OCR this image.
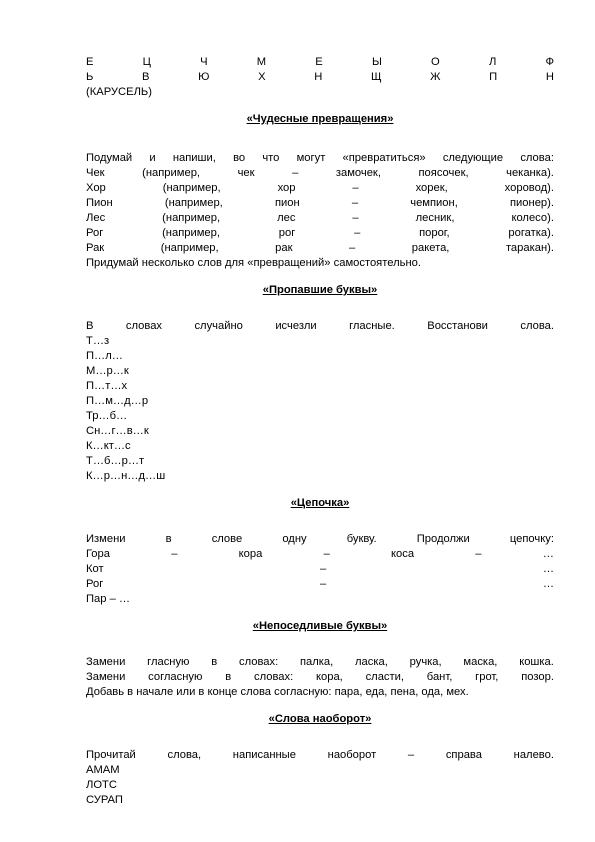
Е	Ц	Ч	М	Е	Ы	О	Л	Ф
Ь	В	Ю	Х	Н	Щ	Ж	П	Н
(КАРУСЕЛЬ)
«Чудесные превращения»
Подумай и напиши, во что могут «превратиться» следующие слова:
Чек	(например,	чек	–	замочек,	поясочек,	чеканка).
Хор	(например,	хор	–	хорек,	хоровод).
Пион	(например,	пион	–	чемпион,	пионер).
Лес	(например,	лес	–	лесник,	колесо).
Рог	(например,	рог	–	порог,	рогатка).
Рак	(например,	рак	–	ракета,	таракан).
Придумай несколько слов для «превращений» самостоятельно.
«Пропавшие буквы»
В	словах	случайно	исчезли	гласные.	Восстанови	слова.
Т…з
П…л…
М…р…к
П…т…х
П…м…д…р
Тр…б…
Сн…г…в…к
К…кт…с
Т…б…р…т
К…р…н…д…ш
«Цепочка»
Измени	в	слове	одну	букву.	Продолжи	цепочку:
Гора	–	кора	–	коса	–	…
Кот	–	…
Рог	–	…
Пар – …
«Непоседливые буквы»
Замени гласную в словах: палка, ласка, ручка, маска, кошка.
Замени согласную в словах: кора, сласти, бант, грот, позор.
Добавь в начале или в конце слова согласную: пара, еда, пена, ода, мех.
«Слова наоборот»
Прочитай	слова,	написанные	наоборот	–	справа	налево.
АМАМ
ЛОТС
СУРАП
